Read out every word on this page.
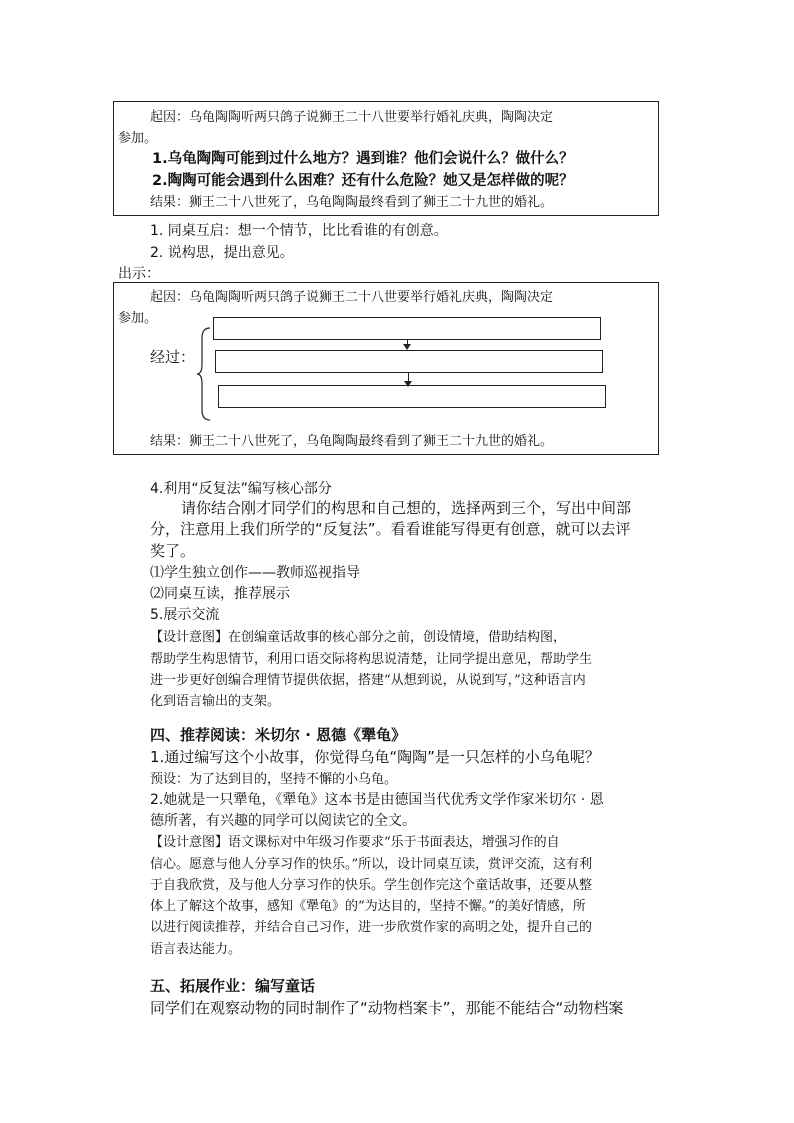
起因：乌龟陶陶听两只鸽子说狮王二十八世要举行婚礼庆典，陶陶决定
参加。
1.乌龟陶陶可能到过什么地方？遇到谁？他们会说什么？做什么？
2.陶陶可能会遇到什么困难？还有什么危险？她又是怎样做的呢？
结果：狮王二十八世死了，乌龟陶陶最终看到了狮王二十九世的婚礼。
1. 同桌互启：想一个情节，比比看谁的有创意。
2. 说构思，提出意见。
出示：
起因：乌龟陶陶听两只鸽子说狮王二十八世要举行婚礼庆典，陶陶决定
参加。
经过：
结果：狮王二十八世死了，乌龟陶陶最终看到了狮王二十九世的婚礼。
4.利用“反复法”编写核心部分
请你结合刚才同学们的构思和自己想的，选择两到三个，写出中间部
分，注意用上我们所学的“反复法”。看看谁能写得更有创意，就可以去评
奖了。
⑴学生独立创作——教师巡视指导
⑵同桌互读，推荐展示
5.展示交流
【设计意图】在创编童话故事的核心部分之前，创设情境，借助结构图，
帮助学生构思情节，利用口语交际将构思说清楚，让同学提出意见，帮助学生
进一步更好创编合理情节提供依据，搭建“从想到说，从说到写，”这种语言内
化到语言输出的支架。
四、推荐阅读：米切尔 · 恩德《犟龟》
1.通过编写这个小故事，你觉得乌龟“陶陶”是一只怎样的小乌龟呢？
预设：为了达到目的，坚持不懈的小乌龟。
2.她就是一只犟龟，《犟龟》这本书是由德国当代优秀文学作家米切尔 · 恩
德所著，有兴趣的同学可以阅读它的全文。
【设计意图】语文课标对中年级习作要求“乐于书面表达，增强习作的自
信心。愿意与他人分享习作的快乐。”所以，设计同桌互读，赏评交流，这有利
于自我欣赏，及与他人分享习作的快乐。学生创作完这个童话故事，还要从整
体上了解这个故事，感知《犟龟》的“为达目的，坚持不懈。”的美好情感，所
以进行阅读推荐，并结合自己习作，进一步欣赏作家的高明之处，提升自己的
语言表达能力。
五、拓展作业：编写童话
同学们在观察动物的同时制作了“动物档案卡”，那能不能结合“动物档案
